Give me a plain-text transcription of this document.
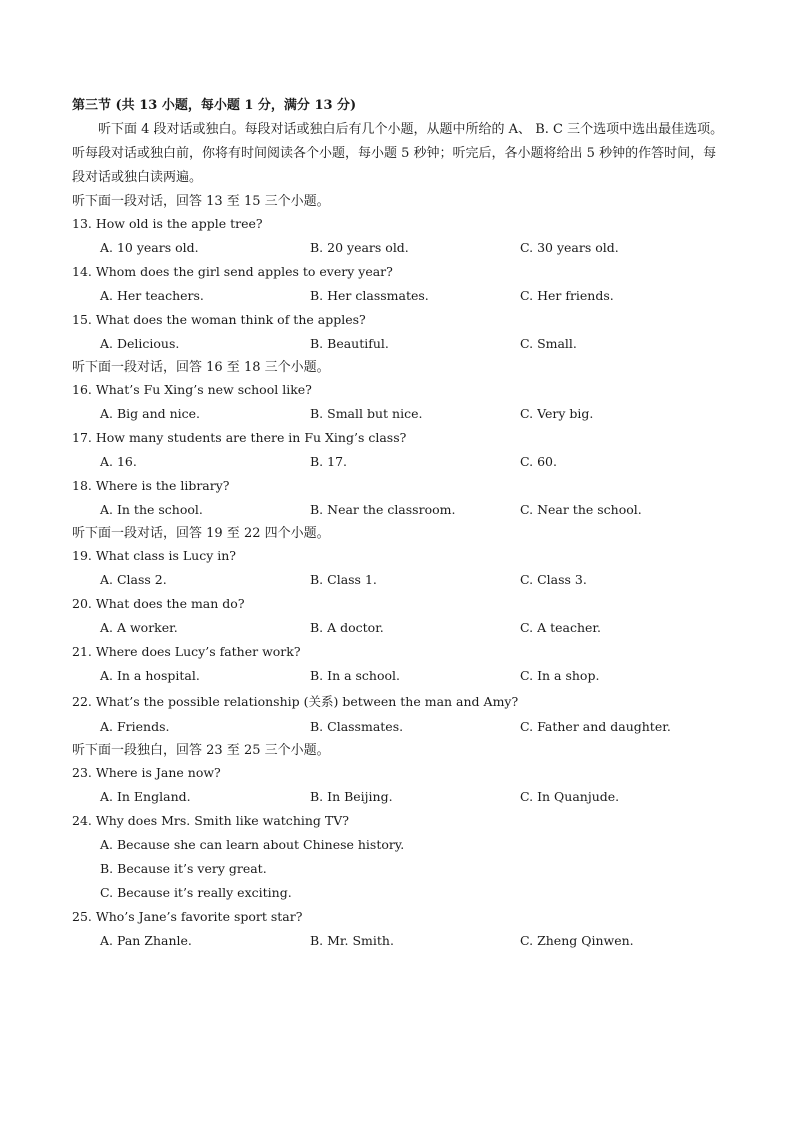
第三节 (共 13 小题，每小题 1 分，满分 13 分)

听下面 4 段对话或独白。每段对话或独白后有几个小题，从题中所给的 A、 B. C 三个选项中选出最佳选项。听每段对话或独白前，你将有时间阅读各个小题，每小题 5 秒钟；听完后，各小题将给出 5 秒钟的作答时间，每段对话或独白读两遍。

听下面一段对话，回答 13 至 15 三个小题。

13. How old is the apple tree?
A. 10 years old.	B. 20 years old.	C. 30 years old.
14. Whom does the girl send apples to every year?
A. Her teachers.	B. Her classmates.	C. Her friends.
15. What does the woman think of the apples?
A. Delicious.	B. Beautiful.	C. Small.

听下面一段对话，回答 16 至 18 三个小题。

16. What’s Fu Xing’s new school like?
A. Big and nice.	B. Small but nice.	C. Very big.
17. How many students are there in Fu Xing’s class?
A. 16.	B. 17.	C. 60.
18. Where is the library?
A. In the school.	B. Near the classroom.	C. Near the school.

听下面一段对话，回答 19 至 22 四个小题。

19. What class is Lucy in?
A. Class 2.	B. Class 1.	C. Class 3.
20. What does the man do?
A. A worker.	B. A doctor.	C. A teacher.
21. Where does Lucy’s father work?
A. In a hospital.	B. In a school.	C. In a shop.
22. What’s the possible relationship (关系) between the man and Amy?
A. Friends.	B. Classmates.	C. Father and daughter.

听下面一段独白，回答 23 至 25 三个小题。

23. Where is Jane now?
A. In England.	B. In Beijing.	C. In Quanjude.
24. Why does Mrs. Smith like watching TV?
A. Because she can learn about Chinese history.
B. Because it’s very great.
C. Because it’s really exciting.
25. Who’s Jane’s favorite sport star?
A. Pan Zhanle.	B. Mr. Smith.	C. Zheng Qinwen.
